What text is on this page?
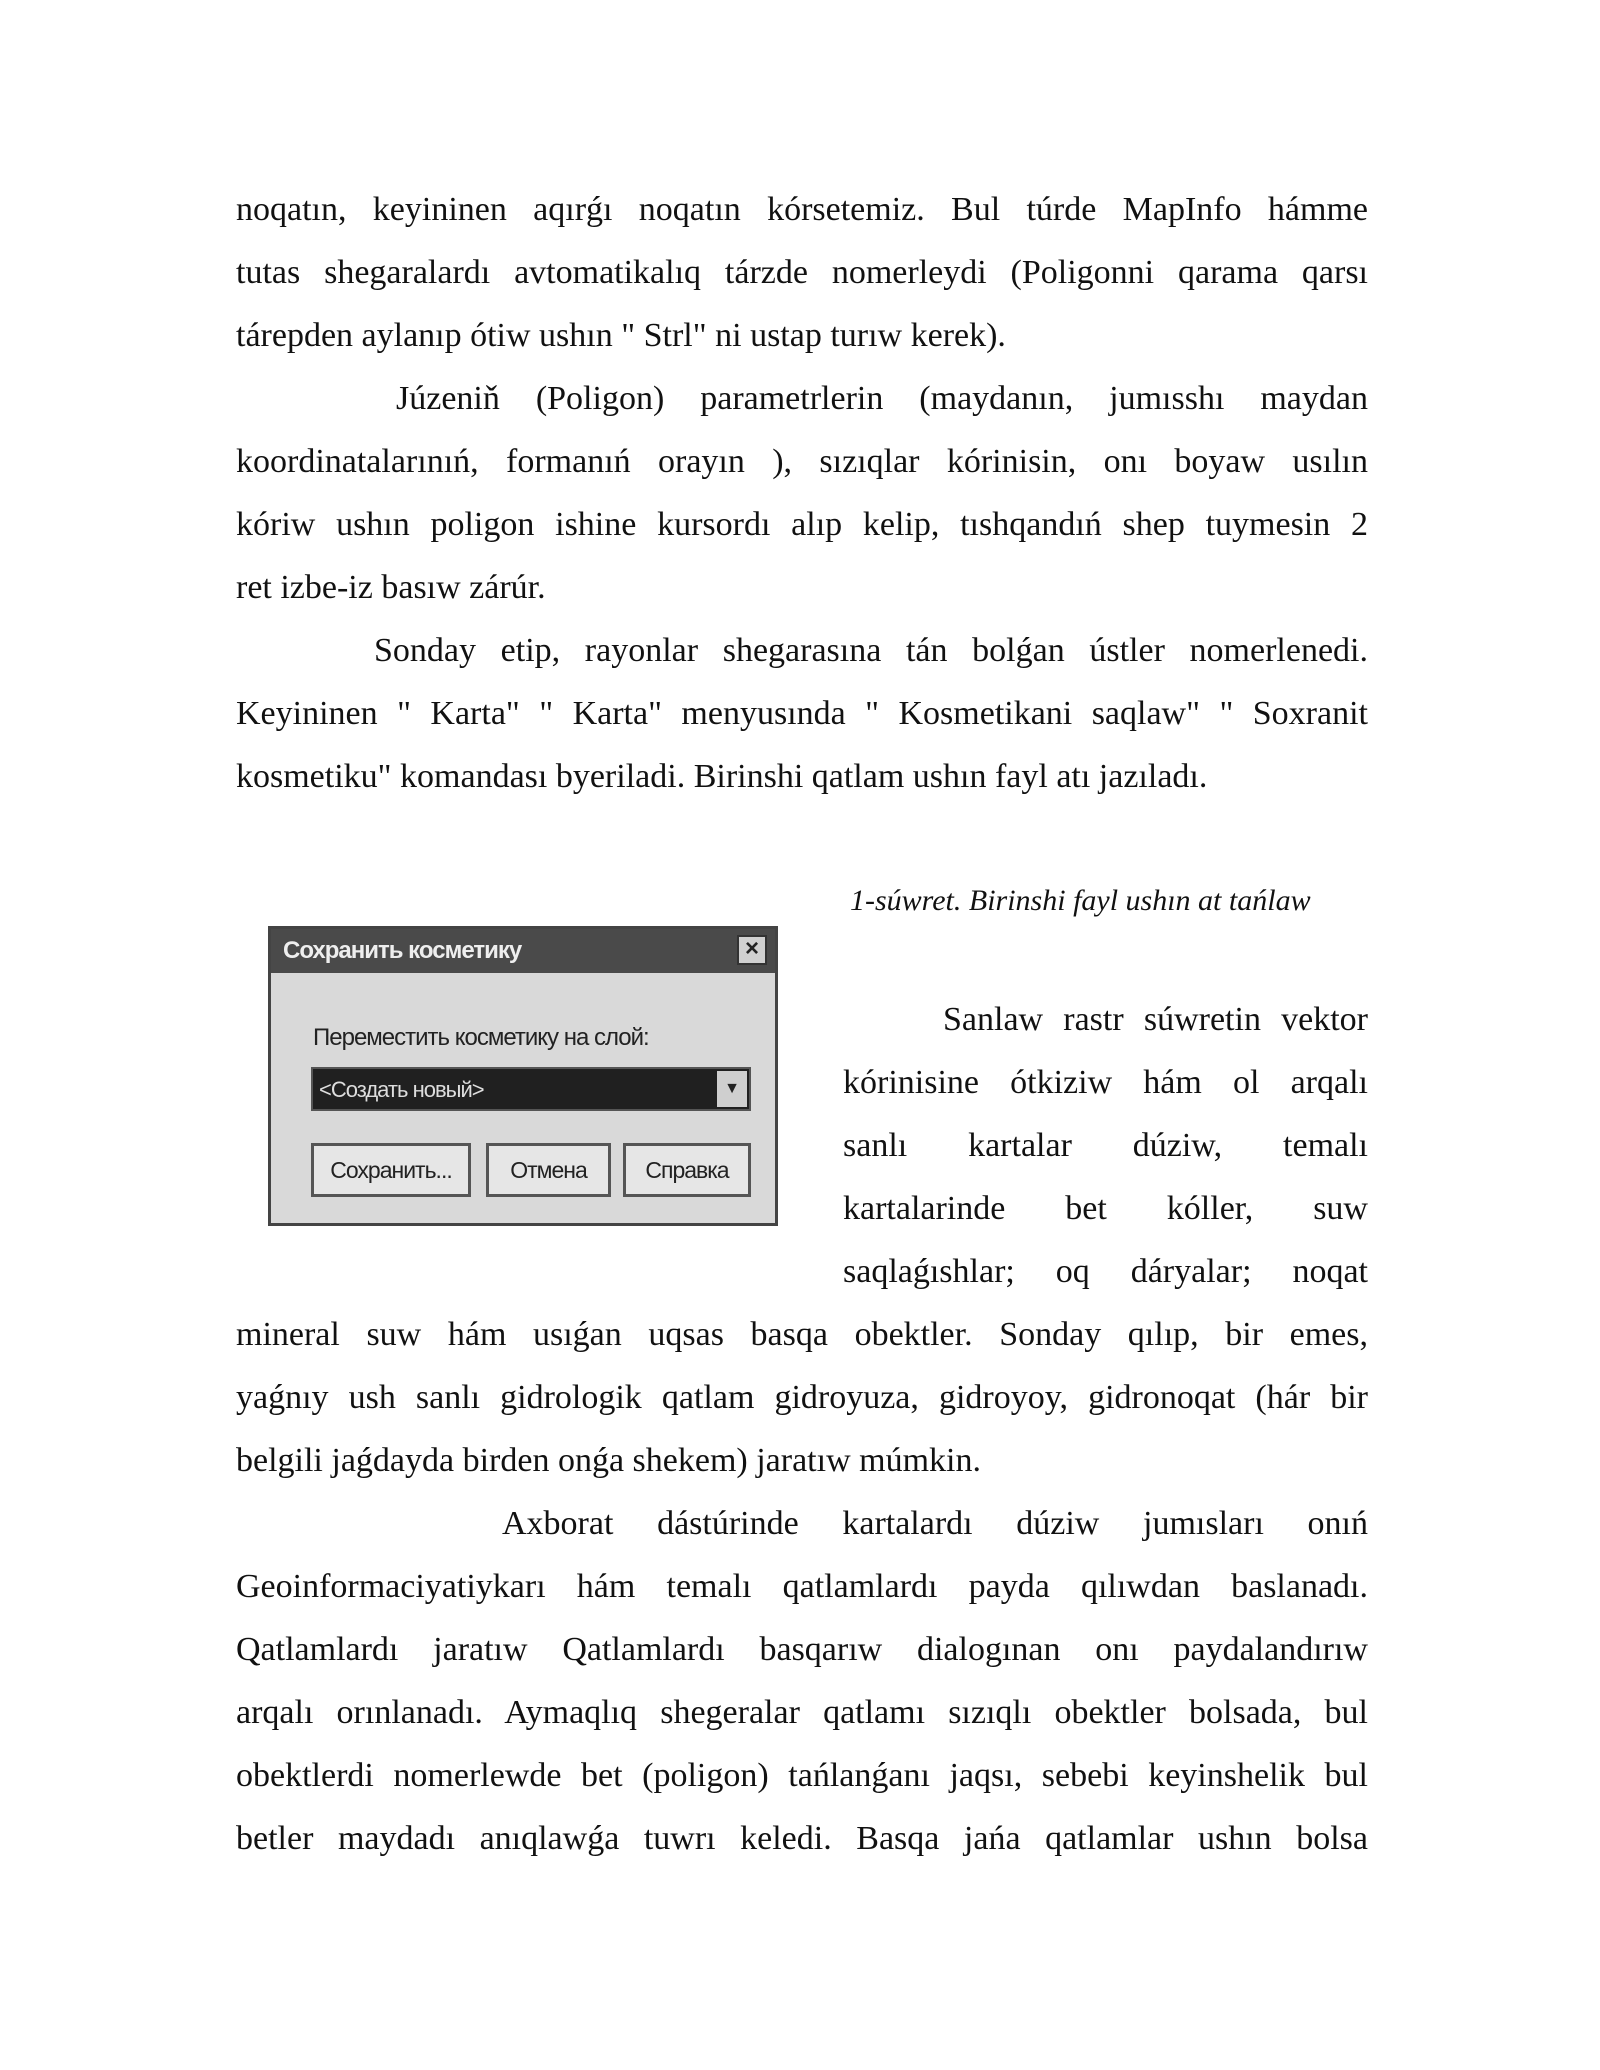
noqatın, keyininen aqırǵı noqatın kórsetemiz. Bul túrde MapInfo hámme
tutas shegaralardı avtomatikalıq tárzde nomerleydi (Poligonni qarama qarsı
tárepden aylanıp ótiw ushın " Strl" ni ustap turıw kerek).
Júzeniň (Poligon) parametrlerin (maydanın, jumısshı maydan
koordinatalarınıń, formanıń orayın ), sızıqlar kórinisin, onı boyaw usılın
kóriw ushın poligon ishine kursordı alıp kelip, tıshqandıń shep tuymesin 2
ret izbe-iz basıw zárúr.
Sonday etip, rayonlar shegarasına tán bolǵan ústler nomerlenedi.
Keyininen " Karta" " Karta" menyusında " Kosmetikani saqlaw" " Soxranit
kosmetiku" komandası byeriladi. Birinshi qatlam ushın fayl atı jazıladı.
1-súwret. Birinshi fayl ushın at tańlaw
Сохранить косметику	×
Переместить косметику на слой:
<Создать новый>	▼
Сохранить...	Отмена	Справка
Sanlaw rastr súwretin vektor
kórinisine ótkiziw hám ol arqalı
sanlı kartalar dúziw, temalı
kartalarinde bet kóller, suw
saqlaǵıshlar; oq dáryalar; noqat
mineral suw hám usıǵan uqsas basqa obektler. Sonday qılıp, bir emes,
yaǵnıy ush sanlı gidrologik qatlam gidroyuza, gidroyoy, gidronoqat (hár bir
belgili jaǵdayda birden onǵa shekem) jaratıw múmkin.
Axborat dástúrinde kartalardı dúziw jumısları onıń
Geoinformaciyatiykarı hám temalı qatlamlardı payda qılıwdan baslanadı.
Qatlamlardı jaratıw Qatlamlardı basqarıw dialogınan onı paydalandırıw
arqalı orınlanadı. Aymaqlıq shegeralar qatlamı sızıqlı obektler bolsada, bul
obektlerdi nomerlewde bet (poligon) tańlanǵanı jaqsı, sebebi keyinshelik bul
betler maydadı anıqlawǵa tuwrı keledi. Basqa jańa qatlamlar ushın bolsa
